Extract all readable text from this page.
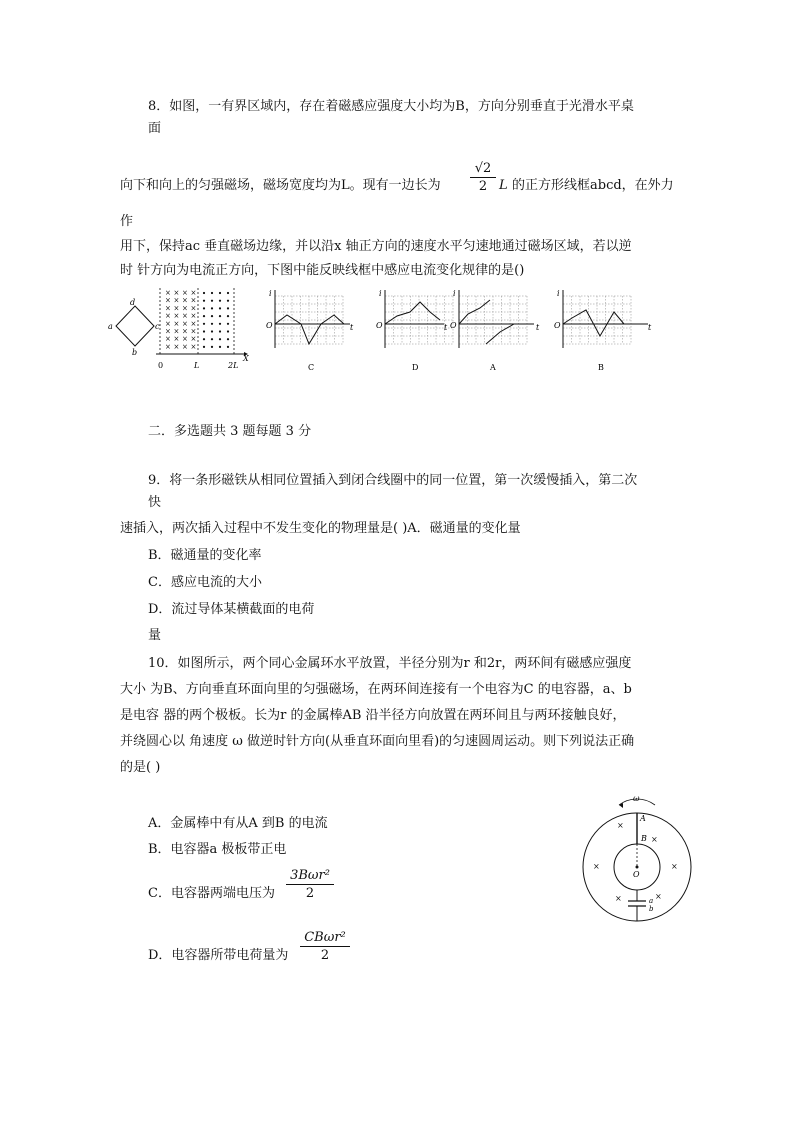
8．如图，一有界区域内，存在着磁感应强度大小均为B，方向分别垂直于光滑水平桌
面
向下和向上的匀强磁场，磁场宽度均为L。现有一边长为 $\frac{√2}{2}$ L 的正方形线框abcd，在外力
作
用下，保持ac 垂直磁场边缘，并以沿x 轴正方向的速度水平匀速地通过磁场区域，若以逆
时 针方向为电流正方向，下图中能反映线框中感应电流变化规律的是()
d
a	c
b
× × × ×
× × × ×
× × × ×
× × × ×
× × × ×
× × × ×
× × × ×
× × × ×
0	L	2L
X
i
O	t
C
i
O	t
D
i
O	t
A
i
O	t
B
二．多选题共 3 题每题 3 分
9．将一条形磁铁从相同位置插入到闭合线圈中的同一位置，第一次缓慢插入，第二次
快
速插入，两次插入过程中不发生变化的物理量是( )A．磁通量的变化量
B．磁通量的变化率
C．感应电流的大小
D．流过导体某横截面的电荷
量
10．如图所示，两个同心金属环水平放置，半径分别为r 和2r，两环间有磁感应强度
大小 为B、方向垂直环面向里的匀强磁场，在两环间连接有一个电容为C 的电容器，a、b
是电容 器的两个极板。长为r 的金属棒AB 沿半径方向放置在两环间且与两环接触良好，
并绕圆心以 角速度 ω 做逆时针方向(从垂直环面向里看)的匀速圆周运动。则下列说法正确
的是( )
A．金属棒中有从A 到B 的电流
B．电容器a 极板带正电
C．电容器两端电压为
3Bωr²
2
D．电容器所带电荷量为
CBωr²
2
ω
A
B
O
a
b
×
×
×	×
×	×
